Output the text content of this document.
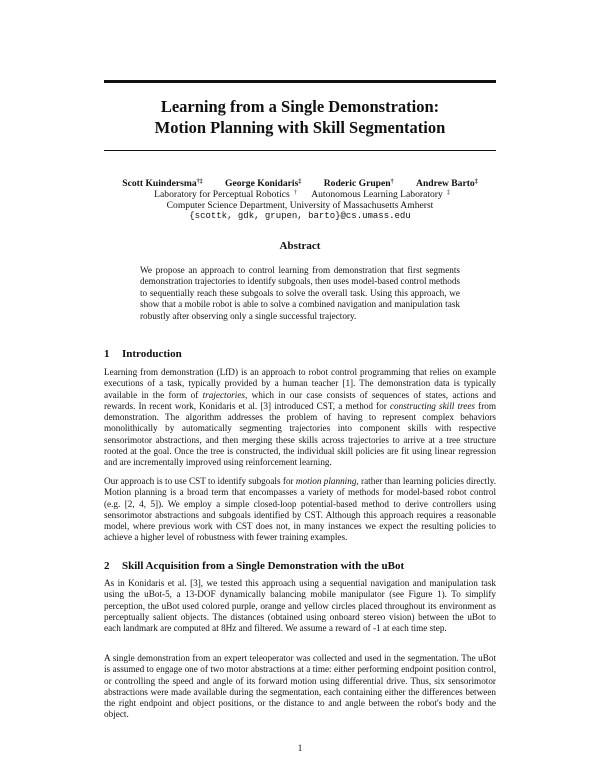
Learning from a Single Demonstration:
Motion Planning with Skill Segmentation
Scott Kuindersma†‡ George Konidaris‡ Roderic Grupen† Andrew Barto‡
Laboratory for Perceptual Robotics † Autonomous Learning Laboratory ‡
Computer Science Department, University of Massachusetts Amherst
{scottk, gdk, grupen, barto}@cs.umass.edu
Abstract
We propose an approach to control learning from demonstration that first segments demonstration trajectories to identify subgoals, then uses model-based control methods to sequentially reach these subgoals to solve the overall task. Using this approach, we show that a mobile robot is able to solve a combined navigation and manipulation task robustly after observing only a single successful trajectory.
1 Introduction
Learning from demonstration (LfD) is an approach to robot control programming that relies on example executions of a task, typically provided by a human teacher [1]. The demonstration data is typically available in the form of trajectories, which in our case consists of sequences of states, actions and rewards. In recent work, Konidaris et al. [3] introduced CST, a method for constructing skill trees from demonstration. The algorithm addresses the problem of having to represent complex behaviors monolithically by automatically segmenting trajectories into component skills with respective sensorimotor abstractions, and then merging these skills across trajectories to arrive at a tree structure rooted at the goal. Once the tree is constructed, the individual skill policies are fit using linear regression and are incrementally improved using reinforcement learning.
Our approach is to use CST to identify subgoals for motion planning, rather than learning policies directly. Motion planning is a broad term that encompasses a variety of methods for model-based robot control (e.g. [2, 4, 5]). We employ a simple closed-loop potential-based method to derive controllers using sensorimotor abstractions and subgoals identified by CST. Although this approach requires a reasonable model, where previous work with CST does not, in many instances we expect the resulting policies to achieve a higher level of robustness with fewer training examples.
2 Skill Acquisition from a Single Demonstration with the uBot
As in Konidaris et al. [3], we tested this approach using a sequential navigation and manipulation task using the uBot-5, a 13-DOF dynamically balancing mobile manipulator (see Figure 1). To simplify perception, the uBot used colored purple, orange and yellow circles placed throughout its environment as perceptually salient objects. The distances (obtained using onboard stereo vision) between the uBot to each landmark are computed at 8Hz and filtered. We assume a reward of -1 at each time step.
A single demonstration from an expert teleoperator was collected and used in the segmentation. The uBot is assumed to engage one of two motor abstractions at a time: either performing endpoint position control, or controlling the speed and angle of its forward motion using differential drive. Thus, six sensorimotor abstractions were made available during the segmentation, each containing either the differences between the right endpoint and object positions, or the distance to and angle between the robot's body and the object.
1
